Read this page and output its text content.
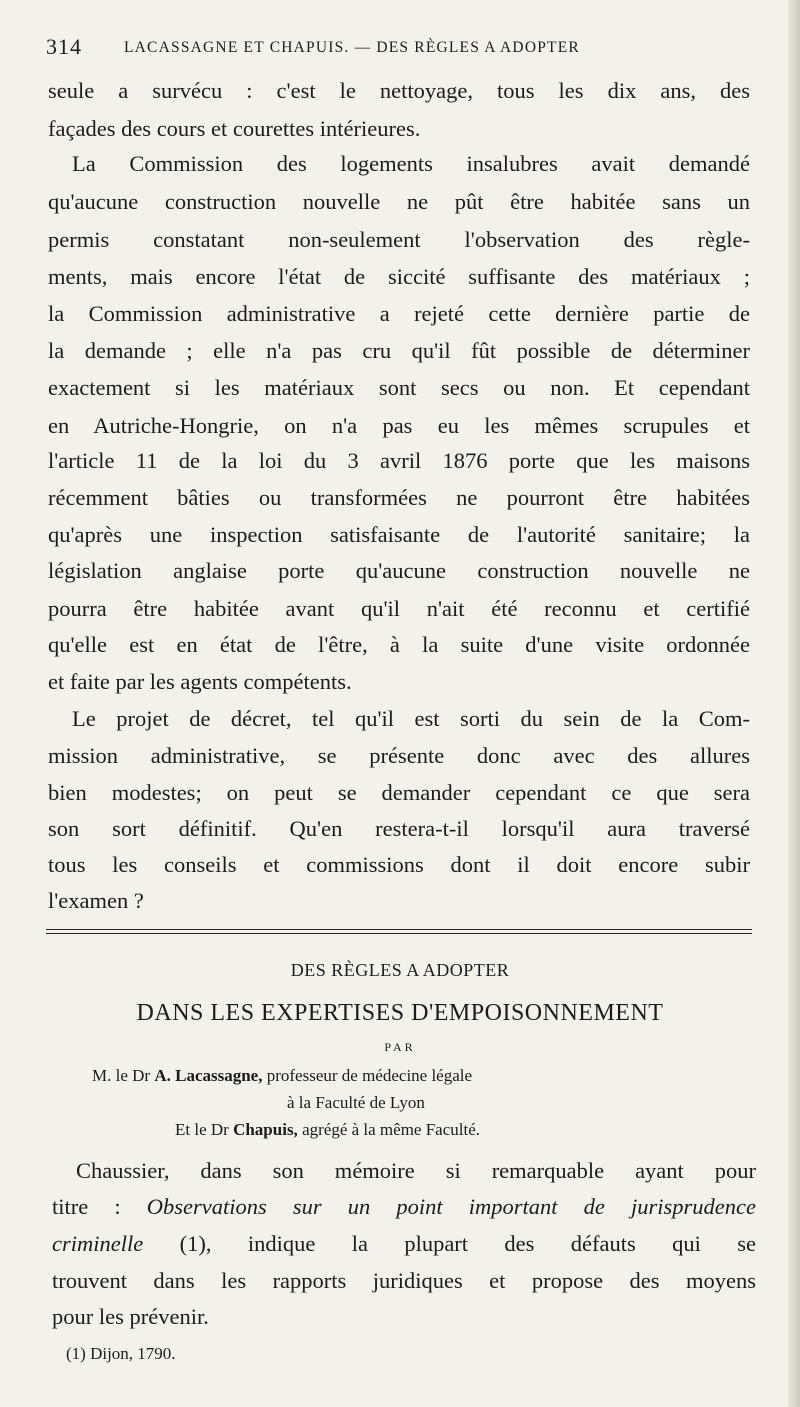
314	LACASSAGNE ET CHAPUIS. — DES RÈGLES A ADOPTER
seule a survécu : c'est le nettoyage, tous les dix ans, des
façades des cours et courettes intérieures.
La Commission des logements insalubres avait demandé
qu'aucune construction nouvelle ne pût être habitée sans un
permis constatant non-seulement l'observation des règle-
ments, mais encore l'état de siccité suffisante des matériaux ;
la Commission administrative a rejeté cette dernière partie de
la demande ; elle n'a pas cru qu'il fût possible de déterminer
exactement si les matériaux sont secs ou non. Et cependant
en Autriche-Hongrie, on n'a pas eu les mêmes scrupules et
l'article 11 de la loi du 3 avril 1876 porte que les maisons
récemment bâties ou transformées ne pourront être habitées
qu'après une inspection satisfaisante de l'autorité sanitaire; la
législation anglaise porte qu'aucune construction nouvelle ne
pourra être habitée avant qu'il n'ait été reconnu et certifié
qu'elle est en état de l'être, à la suite d'une visite ordonnée
et faite par les agents compétents.
Le projet de décret, tel qu'il est sorti du sein de la Com-
mission administrative, se présente donc avec des allures
bien modestes; on peut se demander cependant ce que sera
son sort définitif. Qu'en restera-t-il lorsqu'il aura traversé
tous les conseils et commissions dont il doit encore subir
l'examen ?
DES RÈGLES A ADOPTER
DANS LES EXPERTISES D'EMPOISONNEMENT
PAR
M. le Dr A. Lacassagne, professeur de médecine légale
à la Faculté de Lyon
Et le Dr Chapuis, agrégé à la même Faculté.
Chaussier, dans son mémoire si remarquable ayant pour
titre : Observations sur un point important de jurisprudence
criminelle (1), indique la plupart des défauts qui se
trouvent dans les rapports juridiques et propose des moyens
pour les prévenir.
(1) Dijon, 1790.
